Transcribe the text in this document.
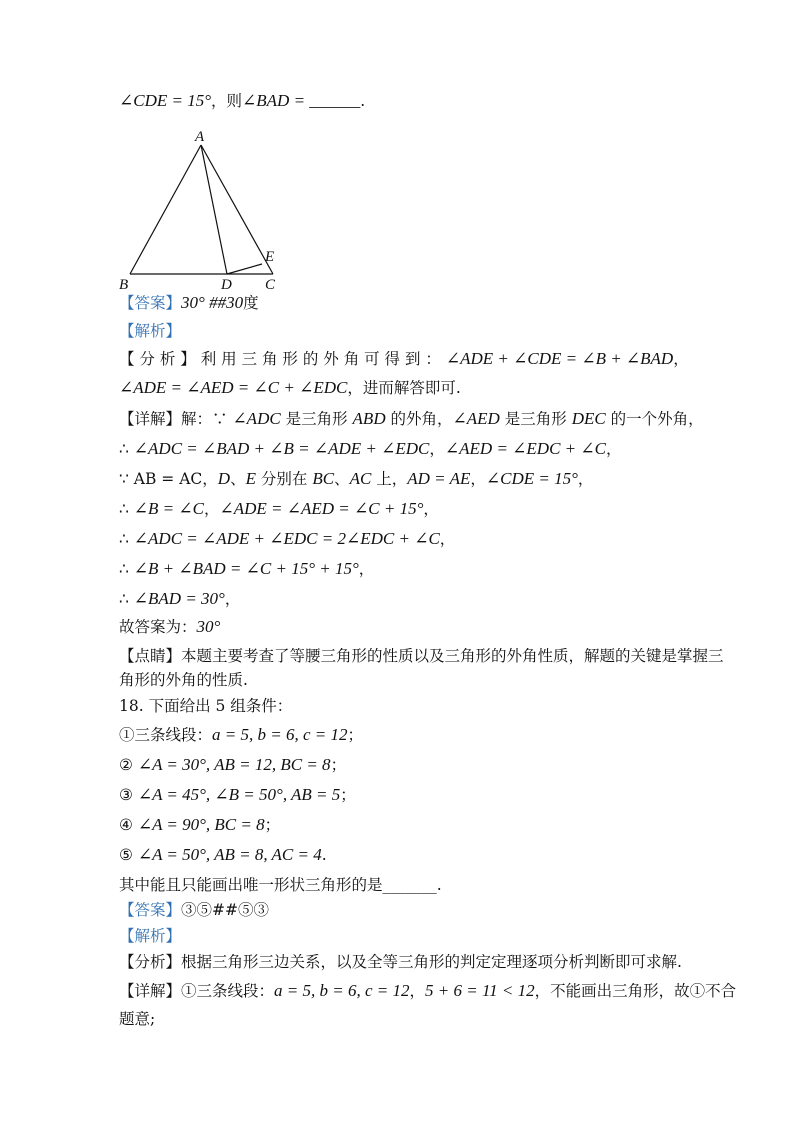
∠CDE = 15°，则∠BAD = ______.
【答案】30° ##30度
【解析】
【 分 析 】 利 用 三 角 形 的 外 角 可 得 到 ： ∠ADE + ∠CDE = ∠B + ∠BAD，
∠ADE = ∠AED = ∠C + ∠EDC，进而解答即可.
【详解】解：∵ ∠ADC 是三角形 ABD 的外角，∠AED 是三角形 DEC 的一个外角，
∴ ∠ADC = ∠BAD + ∠B = ∠ADE + ∠EDC，∠AED = ∠EDC + ∠C，
∵ AB = AC，D、E 分别在 BC、AC 上，AD = AE，∠CDE = 15°，
∴ ∠B = ∠C，∠ADE = ∠AED = ∠C + 15°，
∴ ∠ADC = ∠ADE + ∠EDC = 2∠EDC + ∠C，
∴ ∠B + ∠BAD = ∠C + 15° + 15°，
∴ ∠BAD = 30°，
故答案为：30°
【点睛】本题主要考查了等腰三角形的性质以及三角形的外角性质，解题的关键是掌握三
角形的外角的性质.
18. 下面给出 5 组条件：
①三条线段：a = 5, b = 6, c = 12；
② ∠A = 30°, AB = 12, BC = 8；
③ ∠A = 45°, ∠B = 50°, AB = 5；
④ ∠A = 90°, BC = 8；
⑤ ∠A = 50°, AB = 8, AC = 4.
其中能且只能画出唯一形状三角形的是_______.
【答案】③⑤##⑤③
【解析】
【分析】根据三角形三边关系，以及全等三角形的判定定理逐项分析判断即可求解.
【详解】①三条线段：a = 5, b = 6, c = 12，5 + 6 = 11 < 12，不能画出三角形，故①不合
题意;
A
B	C
D
E
